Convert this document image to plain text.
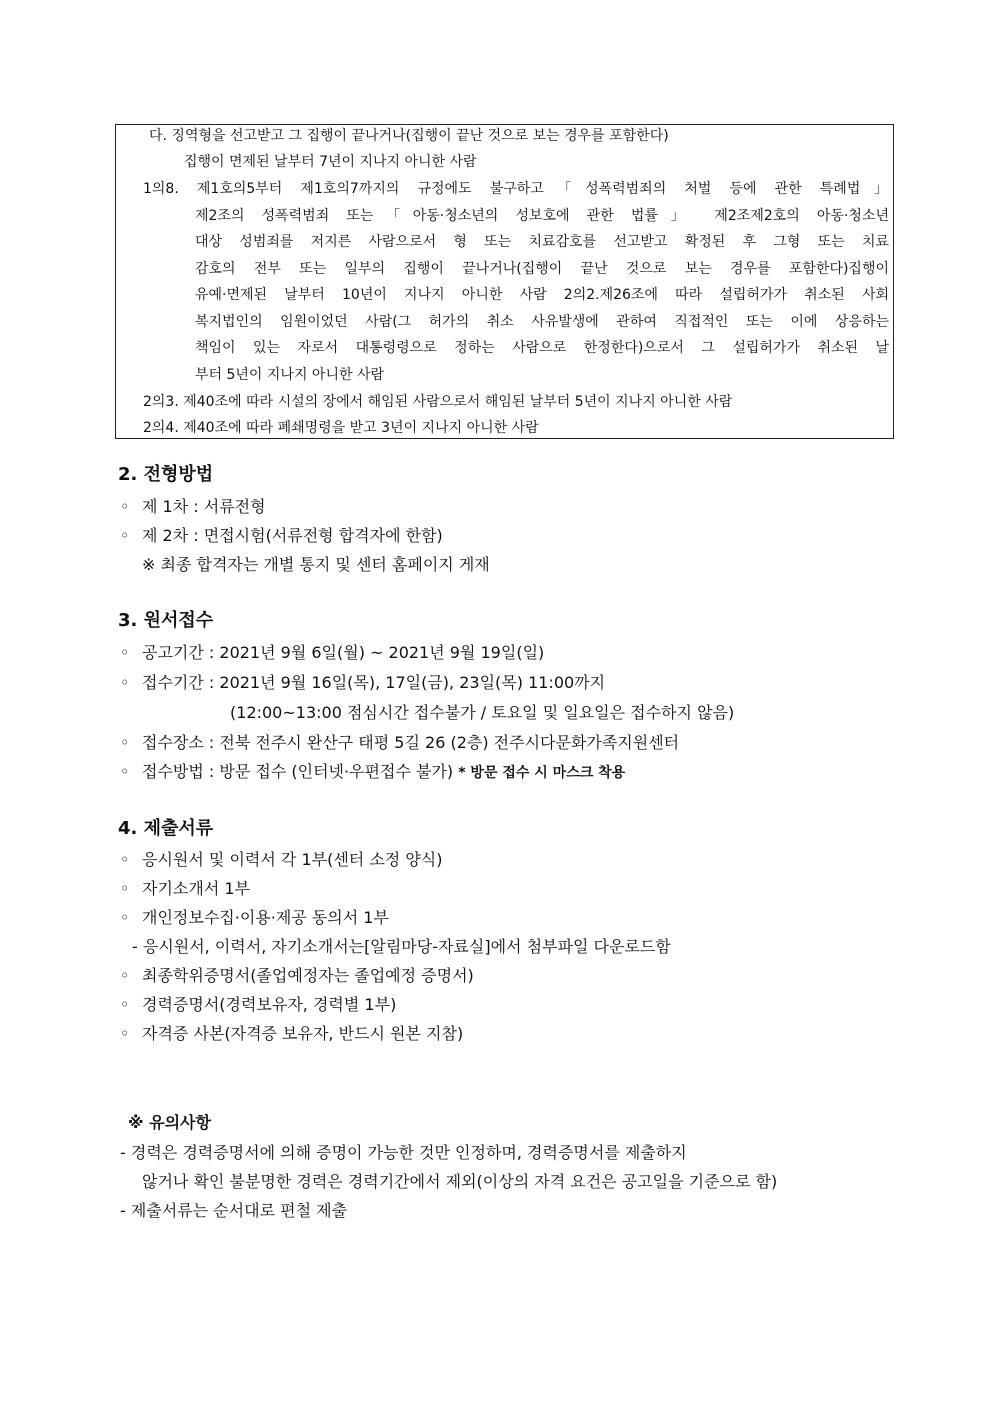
다. 징역형을 선고받고 그 집행이 끝나거나(집행이 끝난 것으로 보는 경우를 포함한다)
집행이 면제된 날부터 7년이 지나지 아니한 사람
1의8. 제1호의5부터 제1호의7까지의 규정에도 불구하고「성폭력범죄의 처벌 등에 관한 특례법」
제2조의 성폭력범죄 또는「아동·청소년의 성보호에 관한 법률」 제2조제2호의 아동·청소년
대상 성범죄를 저지른 사람으로서 형 또는 치료감호를 선고받고 확정된 후 그형 또는 치료
감호의 전부 또는 일부의 집행이 끝나거나(집행이 끝난 것으로 보는 경우를 포함한다)집행이
유예·면제된 날부터 10년이 지나지 아니한 사람 2의2.제26조에 따라 설립허가가 취소된 사회
복지법인의 임원이었던 사람(그 허가의 취소 사유발생에 관하여 직접적인 또는 이에 상응하는
책임이 있는 자로서 대통령령으로 정하는 사람으로 한정한다)으로서 그 설립허가가 취소된 날
부터 5년이 지나지 아니한 사람
2의3. 제40조에 따라 시설의 장에서 해임된 사람으로서 해임된 날부터 5년이 지나지 아니한 사람
2의4. 제40조에 따라 폐쇄명령을 받고 3년이 지나지 아니한 사람
2. 전형방법
◦ 제 1차 : 서류전형
◦ 제 2차 : 면접시험(서류전형 합격자에 한함)
※ 최종 합격자는 개별 통지 및 센터 홈페이지 게재
3. 원서접수
◦ 공고기간 : 2021년 9월 6일(월) ~ 2021년 9월 19일(일)
◦ 접수기간 : 2021년 9월 16일(목), 17일(금), 23일(목) 11:00까지
(12:00~13:00 점심시간 접수불가 / 토요일 및 일요일은 접수하지 않음)
◦ 접수장소 : 전북 전주시 완산구 태평 5길 26 (2층) 전주시다문화가족지원센터
◦ 접수방법 : 방문 접수 (인터넷·우편접수 불가) * 방문 접수 시 마스크 착용
4. 제출서류
◦ 응시원서 및 이력서 각 1부(센터 소정 양식)
◦ 자기소개서 1부
◦ 개인정보수집·이용·제공 동의서 1부
- 응시원서, 이력서, 자기소개서는[알림마당-자료실]에서 첨부파일 다운로드함
◦ 최종학위증명서(졸업예정자는 졸업예정 증명서)
◦ 경력증명서(경력보유자, 경력별 1부)
◦ 자격증 사본(자격증 보유자, 반드시 원본 지참)
※ 유의사항
- 경력은 경력증명서에 의해 증명이 가능한 것만 인정하며, 경력증명서를 제출하지
않거나 확인 불분명한 경력은 경력기간에서 제외(이상의 자격 요건은 공고일을 기준으로 함)
- 제출서류는 순서대로 편철 제출
